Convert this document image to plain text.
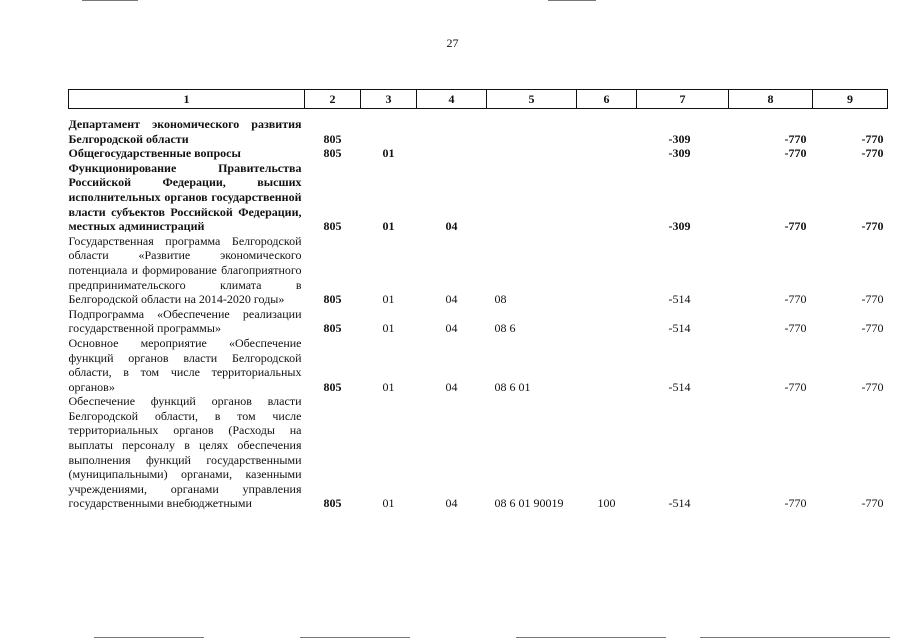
27
1	2	3	4	5	6	7	8	9

Департамент экономического развития Белгородской области	805					-309	-770	-770
Общегосударственные вопросы	805	01				-309	-770	-770
Функционирование Правительства Российской Федерации, высших исполнительных органов государственной власти субъектов Российской Федерации, местных администраций	805	01	04			-309	-770	-770
Государственная программа Белгородской области «Развитие экономического потенциала и формирование благоприятного предпринимательского климата в Белгородской области на 2014-2020 годы»	805	01	04	08		-514	-770	-770
Подпрограмма «Обеспечение реализации государственной программы»	805	01	04	08 6		-514	-770	-770
Основное мероприятие «Обеспечение функций органов власти Белгородской области, в том числе территориальных органов»	805	01	04	08 6 01		-514	-770	-770
Обеспечение функций органов власти Белгородской области, в том числе территориальных органов (Расходы на выплаты персоналу в целях обеспечения выполнения функций государственными (муниципальными) органами, казенными учреждениями, органами управления государственными внебюджетными	805	01	04	08 6 01 90019	100	-514	-770	-770
